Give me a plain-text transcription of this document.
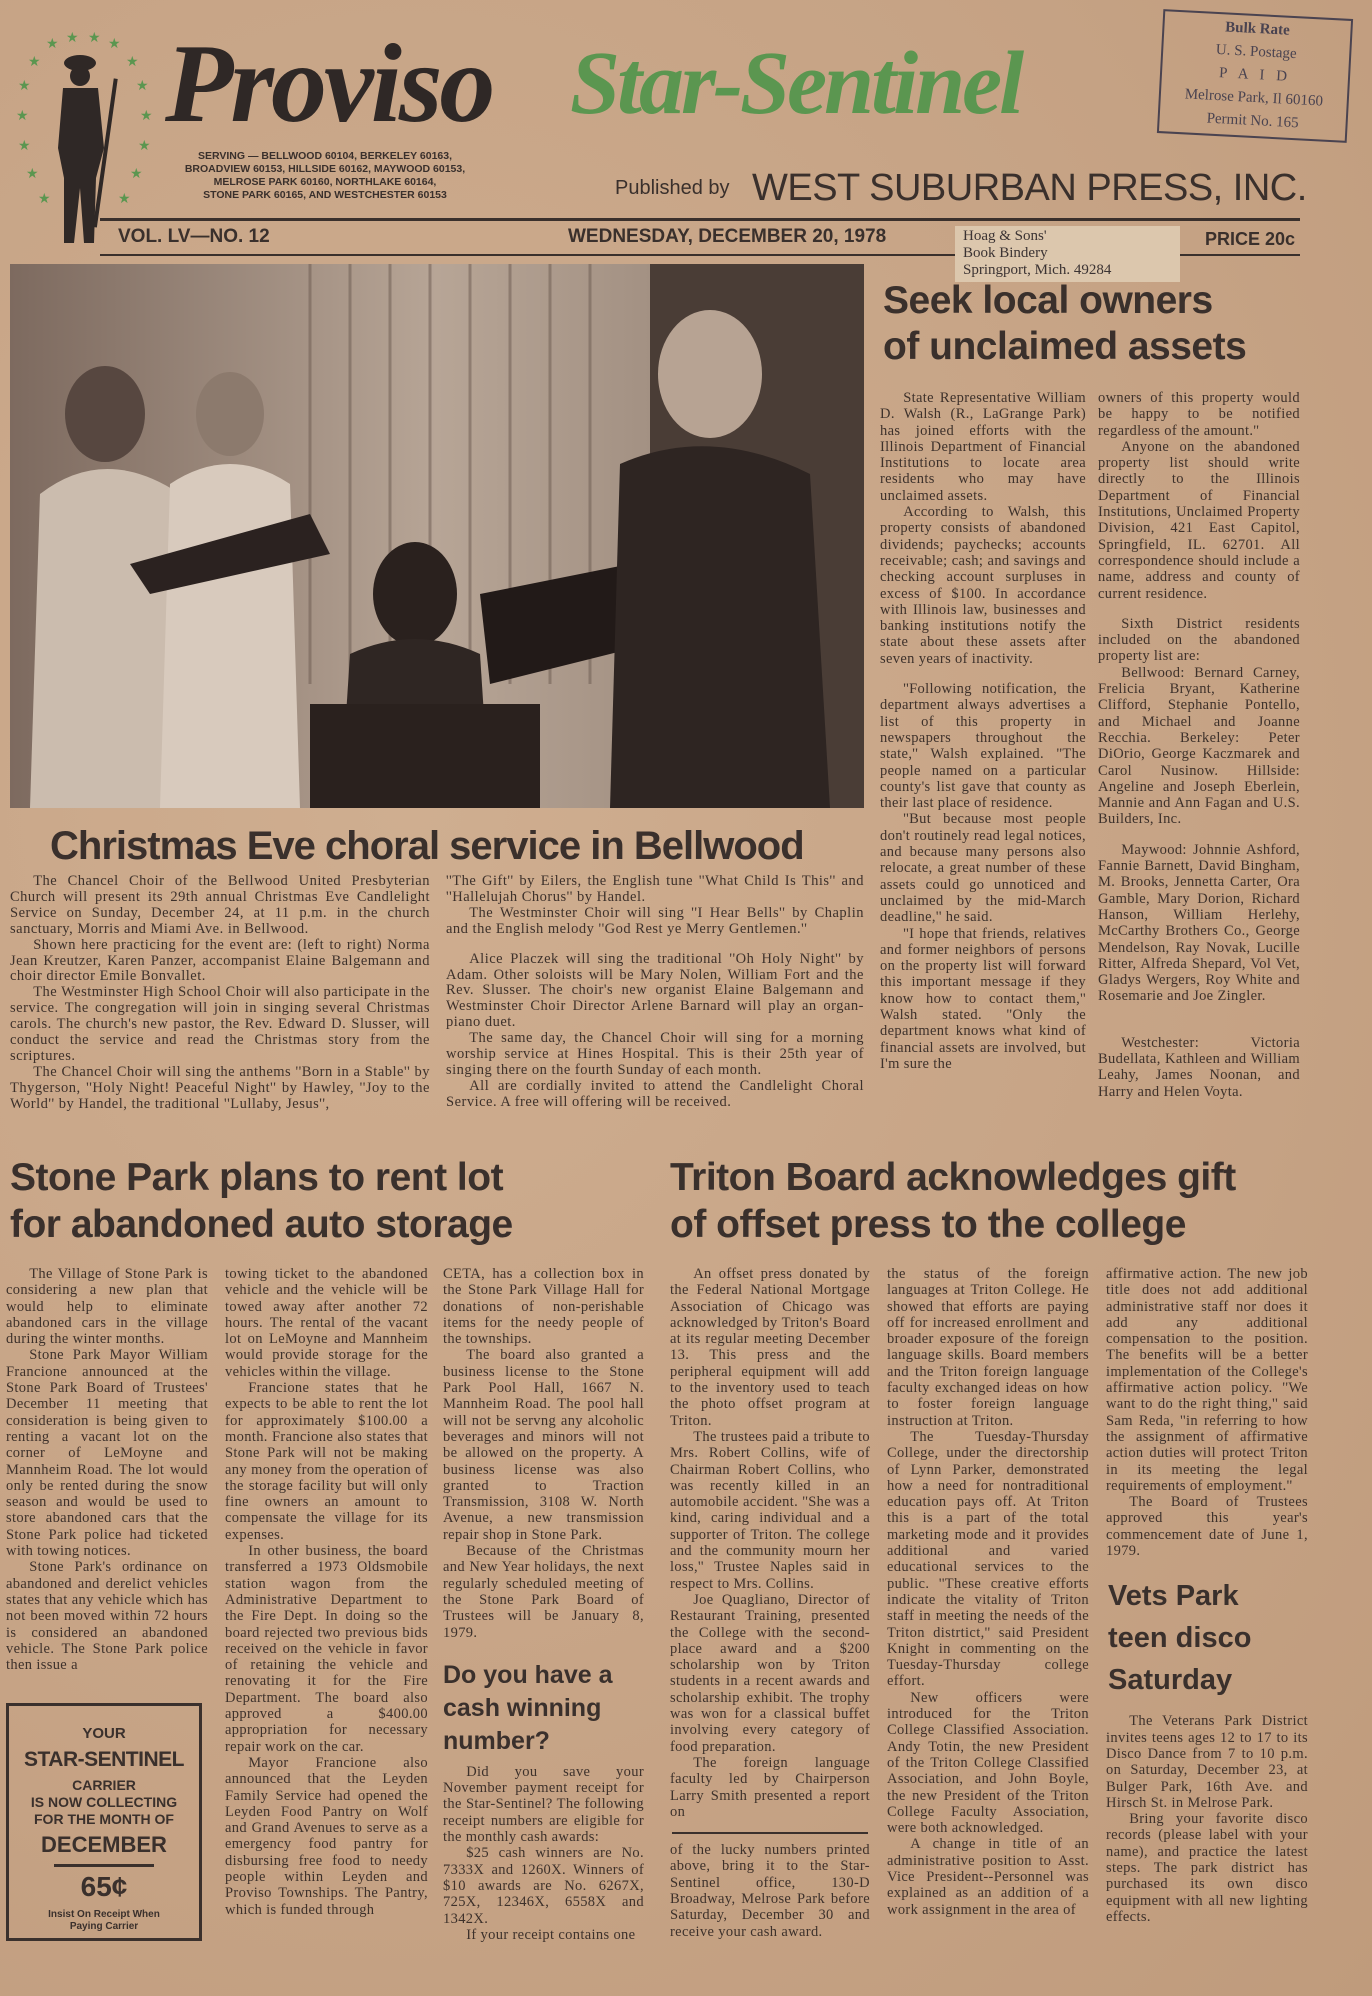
★ ★ ★ ★
★	★
★	★
★	★
★	★
★	★
★	★
Proviso Star-Sentinel
SERVING — BELLWOOD 60104, BERKELEY 60163,
BROADVIEW 60153, HILLSIDE 60162, MAYWOOD 60153,
MELROSE PARK 60160, NORTHLAKE 60164,
STONE PARK 60165, AND WESTCHESTER 60153	Published by WEST SUBURBAN PRESS, INC.
Bulk Rate
U. S. Postage
P A I D
Melrose Park, Il 60160
Permit No. 165
VOL. LV—NO. 12	WEDNESDAY, DECEMBER 20, 1978	PRICE 20c
Hoag & Sons'
Book Bindery
Springport, Mich. 49284
Christmas Eve choral service in Bellwood

The Chancel Choir of the Bellwood United Presbyterian Church will present its 29th annual Christmas Eve Candlelight Service on Sunday, December 24, at 11 p.m. in the church sanctuary, Morris and Miami Ave. in Bellwood.

Shown here practicing for the event are: (left to right) Norma Jean Kreutzer, Karen Panzer, accompanist Elaine Balgemann and choir director Emile Bonvallet.

The Westminster High School Choir will also participate in the service. The congregation will join in singing several Christmas carols. The church's new pastor, the Rev. Edward D. Slusser, will conduct the service and read the Christmas story from the scriptures.

The Chancel Choir will sing the anthems ''Born in a Stable'' by Thygerson, ''Holy Night! Peaceful Night'' by Hawley, ''Joy to the World'' by Handel, the traditional ''Lullaby, Jesus'',

''The Gift'' by Eilers, the English tune ''What Child Is This'' and ''Hallelujah Chorus'' by Handel.

The Westminster Choir will sing ''I Hear Bells'' by Chaplin and the English melody ''God Rest ye Merry Gentlemen.''

Alice Placzek will sing the traditional ''Oh Holy Night'' by Adam. Other soloists will be Mary Nolen, William Fort and the Rev. Slusser. The choir's new organist Elaine Balgemann and Westminster Choir Director Arlene Barnard will play an organ-piano duet.

The same day, the Chancel Choir will sing for a morning worship service at Hines Hospital. This is their 25th year of singing there on the fourth Sunday of each month.

All are cordially invited to attend the Candlelight Choral Service. A free will offering will be received.

Seek local owners
of unclaimed assets

State Representative William D. Walsh (R., LaGrange Park) has joined efforts with the Illinois Department of Financial Institutions to locate area residents who may have unclaimed assets.

According to Walsh, this property consists of abandoned dividends; paychecks; accounts receivable; cash; and savings and checking account surpluses in excess of $100. In accordance with Illinois law, businesses and banking institutions notify the state about these assets after seven years of inactivity.

''Following notification, the department always advertises a list of this property in newspapers throughout the state,'' Walsh explained. ''The people named on a particular county's list gave that county as their last place of residence.

''But because most people don't routinely read legal notices, and because many persons also relocate, a great number of these assets could go unnoticed and unclaimed by the mid-March deadline,'' he said.

''I hope that friends, relatives and former neighbors of persons on the property list will forward this important message if they know how to contact them,'' Walsh stated. ''Only the department knows what kind of financial assets are involved, but I'm sure the

owners of this property would be happy to be notified regardless of the amount.''

Anyone on the abandoned property list should write directly to the Illinois Department of Financial Institutions, Unclaimed Property Division, 421 East Capitol, Springfield, IL. 62701. All correspondence should include a name, address and county of current residence.

Sixth District residents included on the abandoned property list are:

Bellwood: Bernard Carney, Frelicia Bryant, Katherine Clifford, Stephanie Pontello, and Michael and Joanne Recchia. Berkeley: Peter DiOrio, George Kaczmarek and Carol Nusinow. Hillside: Angeline and Joseph Eberlein, Mannie and Ann Fagan and U.S. Builders, Inc.

Maywood: Johnnie Ashford, Fannie Barnett, David Bingham, M. Brooks, Jennetta Carter, Ora Gamble, Mary Dorion, Richard Hanson, William Herlehy, McCarthy Brothers Co., George Mendelson, Ray Novak, Lucille Ritter, Alfreda Shepard, Vol Vet, Gladys Wergers, Roy White and Rosemarie and Joe Zingler.

Westchester: Victoria Budellata, Kathleen and William Leahy, James Noonan, and Harry and Helen Voyta.

Stone Park plans to rent lot
for abandoned auto storage

The Village of Stone Park is considering a new plan that would help to eliminate abandoned cars in the village during the winter months.

Stone Park Mayor William Francione announced at the Stone Park Board of Trustees' December 11 meeting that consideration is being given to renting a vacant lot on the corner of LeMoyne and Mannheim Road. The lot would only be rented during the snow season and would be used to store abandoned cars that the Stone Park police had ticketed with towing notices.

Stone Park's ordinance on abandoned and derelict vehicles states that any vehicle which has not been moved within 72 hours is considered an abandoned vehicle. The Stone Park police then issue a

YOUR
STAR-SENTINEL
CARRIER
IS NOW COLLECTING
FOR THE MONTH OF
DECEMBER
65¢
Insist On Receipt When
Paying Carrier

towing ticket to the abandoned vehicle and the vehicle will be towed away after another 72 hours. The rental of the vacant lot on LeMoyne and Mannheim would provide storage for the vehicles within the village.

Francione states that he expects to be able to rent the lot for approximately $100.00 a month. Francione also states that Stone Park will not be making any money from the operation of the storage facility but will only fine owners an amount to compensate the village for its expenses.

In other business, the board transferred a 1973 Oldsmobile station wagon from the Administrative Department to the Fire Dept. In doing so the board rejected two previous bids received on the vehicle in favor of retaining the vehicle and renovating it for the Fire Department. The board also approved a $400.00 appropriation for necessary repair work on the car.

Mayor Francione also announced that the Leyden Family Service had opened the Leyden Food Pantry on Wolf and Grand Avenues to serve as a emergency food pantry for disbursing free food to needy people within Leyden and Proviso Townships. The Pantry, which is funded through

CETA, has a collection box in the Stone Park Village Hall for donations of non-perishable items for the needy people of the townships.

The board also granted a business license to the Stone Park Pool Hall, 1667 N. Mannheim Road. The pool hall will not be servng any alcoholic beverages and minors will not be allowed on the property. A business license was also granted to Traction Transmission, 3108 W. North Avenue, a new transmission repair shop in Stone Park.

Because of the Christmas and New Year holidays, the next regularly scheduled meeting of the Stone Park Board of Trustees will be January 8, 1979.

Do you have a
cash winning
number?

Did you save your November payment receipt for the Star-Sentinel? The following receipt numbers are eligible for the monthly cash awards:

$25 cash winners are No. 7333X and 1260X. Winners of $10 awards are No. 6267X, 725X, 12346X, 6558X and 1342X.

If your receipt contains one

Triton Board acknowledges gift
of offset press to the college

An offset press donated by the Federal National Mortgage Association of Chicago was acknowledged by Triton's Board at its regular meeting December 13. This press and the peripheral equipment will add to the inventory used to teach the photo offset program at Triton.

The trustees paid a tribute to Mrs. Robert Collins, wife of Chairman Robert Collins, who was recently killed in an automobile accident. ''She was a kind, caring individual and a supporter of Triton. The college and the community mourn her loss,'' Trustee Naples said in respect to Mrs. Collins.

Joe Quagliano, Director of Restaurant Training, presented the College with the second-place award and a $200 scholarship won by Triton students in a recent awards and scholarship exhibit. The trophy was won for a classical buffet involving every category of food preparation.

The foreign language faculty led by Chairperson Larry Smith presented a report on

of the lucky numbers printed above, bring it to the Star-Sentinel office, 130-D Broadway, Melrose Park before Saturday, December 30 and receive your cash award.

the status of the foreign languages at Triton College. He showed that efforts are paying off for increased enrollment and broader exposure of the foreign language skills. Board members and the Triton foreign language faculty exchanged ideas on how to foster foreign language instruction at Triton.

The Tuesday-Thursday College, under the directorship of Lynn Parker, demonstrated how a need for nontraditional education pays off. At Triton this is a part of the total marketing mode and it provides additional and varied educational services to the public. ''These creative efforts indicate the vitality of Triton staff in meeting the needs of the Triton distrtict,'' said President Knight in commenting on the Tuesday-Thursday college effort.

New officers were introduced for the Triton College Classified Association. Andy Totin, the new President of the Triton College Classified Association, and John Boyle, the new President of the Triton College Faculty Association, were both acknowledged.

A change in title of an administrative position to Asst. Vice President--Personnel was explained as an addition of a work assignment in the area of

affirmative action. The new job title does not add additional administrative staff nor does it add any additional compensation to the position. The benefits will be a better implementation of the College's affirmative action policy. ''We want to do the right thing,'' said Sam Reda, ''in referring to how the assignment of affirmative action duties will protect Triton in its meeting the legal requirements of employment.''

The Board of Trustees approved this year's commencement date of June 1, 1979.

Vets Park
teen disco
Saturday

The Veterans Park District invites teens ages 12 to 17 to its Disco Dance from 7 to 10 p.m. on Saturday, December 23, at Bulger Park, 16th Ave. and Hirsch St. in Melrose Park.

Bring your favorite disco records (please label with your name), and practice the latest steps. The park district has purchased its own disco equipment with all new lighting effects.
